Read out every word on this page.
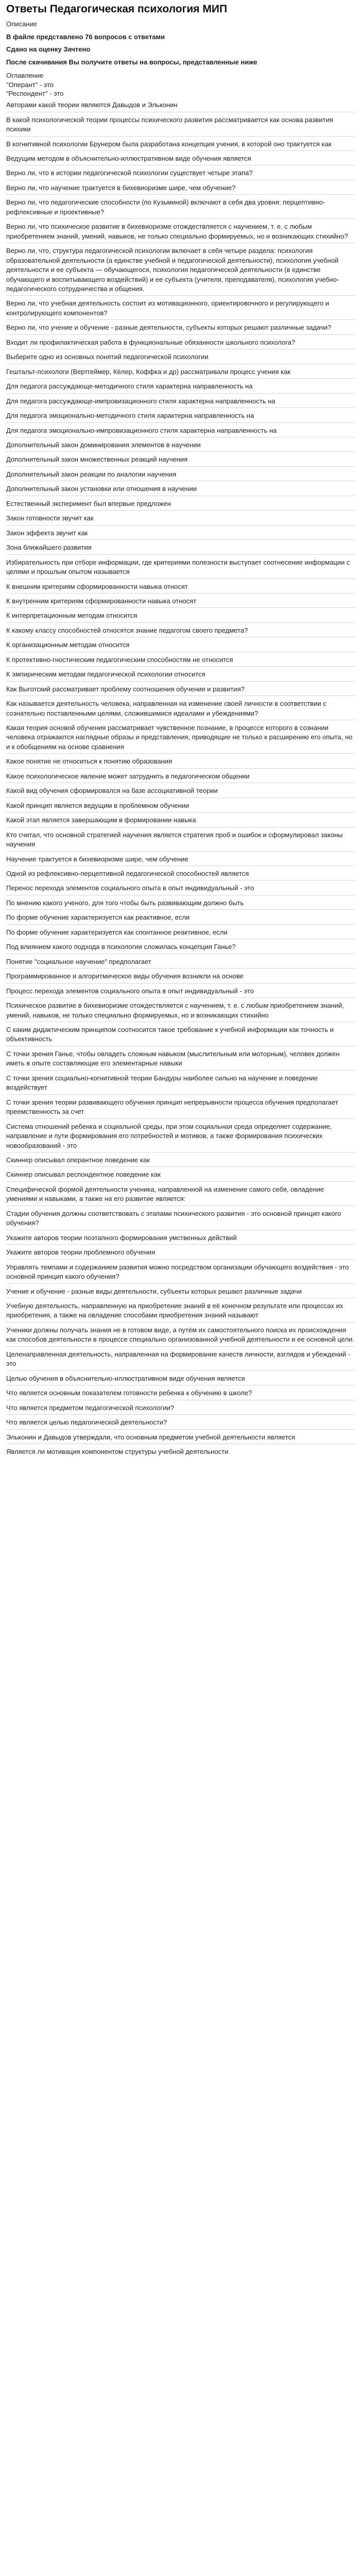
Ответы Педагогическая психология МИП
Описание
В файле представлено 76 вопросов с ответами
Сдано на оценку Зачтено
После скачивания Вы получите ответы на вопросы, представленные ниже
Оглавление
"Оперант" - это
"Респондент" - это
Авторами какой теории являются Давыдов и Эльконин
В какой психологической теории процессы психического развития рассматривается как основа развития психики
В когнитивной психологии Брунером была разработана концепция учения, в которой оно трактуется как
Ведущим методом в объяснительно-иллюстративном виде обучения является
Верно ли, что в истории педагогической психологии существует четыре этапа?
Верно ли, что научение трактуется в бихевиоризме шире, чем обучение?
Верно ли, что педагогические способности (по Кузьминой) включают в себя два уровня: перцептивно-рефлексивные и проективные?
Верно ли, что психическое развитие в бихевиоризме отождествляется с научением, т. е. с любым приобретением знаний, умений, навыков, не только специально формируемых, но и возникающих стихийно?
Верно ли, что, структура педагогической психологии включает в себя четыре раздела: психология образовательной деятельности (а единстве учебной и педагогической деятельности), психология учебной деятельности и ее субъекта — обучающегося, психология педагогической деятельности (в единстве обучающего и воспитывающего воздействий) и ее субъекта (учителя, преподавателя), психология учебно-педагогического сотрудничества и общения.
Верно ли, что учебная деятельность состоит из мотивационного, ориентировочного и регулирующего и контролирующего компонентов?
Верно ли, что учение и обучение - разные деятельности, субъекты которых решают различные задачи?
Входит ли профилактическая работа в функциональные обязанности школьного психолога?
Выберите одно из основных понятий педагогической психологии
Гештальт-психологи (Вертгеймер, Кёлер, Коффка и др) рассматривали процесс учения как
Для педагога рассуждающе-методичного стиля характерна направленность на
Для педагога рассуждающе-импровизационного стиля характерна направленность на
Для педагога эмоционально-методичного стиля характерна направленность на
Для педагога эмоционально-импровизационного стиля характерна направленность на
Дополнительный закон доминирования элементов в научении
Дополнительный закон множественных реакций научения
Дополнительный закон реакции по аналогии научения
Дополнительный закон установки или отношения в научении
Естественный эксперимент был впервые предложен
Закон готовности звучит как
Закон эффекта звучит как
Зона ближайшего развития
Избирательность при отборе информации, где критериями полезности выступает соотнесение информации с целями и прошлым опытом называется
К внешним критериям сформированности навыка относят
К внутренним критериям сформированности навыка относят
К интерпретационным методам относится
К какому классу способностей относятся знание педагогом своего предмета?
К организационным методам относится
К протективно-гностическим педагогическим способностям не относится
К эмпирическим методам педагогической психологии относится
Как Выготский рассматривает проблему соотношения обучения и развития?
Как называется деятельность человека, направленная на изменение своей личности в соответствии с сознательно поставленными целями, сложившимися идеалами и убеждениями?
Какая теория основой обучения рассматривает чувственное познание, в процессе которого в сознании человека отражаются наглядные образы и представления, приводящие не только к расширению его опыта, но и к обобщениям на основе сравнения
Какое понятие не относиться к понятию образования
Какое психологическое явление может затруднить в педагогическом общении
Какой вид обучения сформировался на базе ассоциативной теории
Какой принцип является ведущим в проблемном обучении
Какой этап является завершающим в формировании навыка
Кто считал, что основной стратегией научения является стратегия проб и ошибок и сформулировал законы научения
Научение трактуется в бихевиоризме шире, чем обучение
Одной из рефлексивно-перцептивной педагогической способностей является
Перенос перехода элементов социального опыта в опыт индивидуальный - это
По мнению какого ученого, для того чтобы быть развивающим должно быть
По форме обучение характеризуется как реактивное, если
По форме обучение характеризуется как спонтанное реактивное, если
Под влиянием какого подхода в психологии сложилась концепция Ганье?
Понятие "социальное научение" предполагает
Программированное и алгоритмическое виды обучения возникли на основе
Процесс перехода элементов социального опыта в опыт индивидуальный - это
Психическое развитие в бихевиоризме отождествляется с научением, т. е. с любым приобретением знаний, умений, навыков, не только специально формируемых, но и возникающих стихийно
С каким дидактическим принципом соотносится такое требование к учебной информации как точность и объективность
С точки зрения Ганье, чтобы овладеть сложным навыком (мыслительным или моторным), человек должен иметь в опыте составляющие его элементарные навыки
С точки зрения социально-когнитивной теории Бандуры наиболее сильно на научение и поведение воздействует
С точки зрения теории развивающего обучения принцип непрерывности процесса обучения предполагает преемственность за счет
Система отношений ребенка и социальной среды, при этом социальная среда определяет содержание, направление и пути формирования его потребностей и мотивов, а также формирования психических новообразований - это
Скиннер описывал оперантное поведение как
Скиннер описывал респондентное поведение как
Специфической формой деятельности ученика, направленной на изменение самого себя, овладение умениями и навыками, а также на его развитие является:
Стадии обучения должны соответствовать с этапами психического развития - это основной принцип какого обучения?
Укажите авторов теории поэтапного формирования умственных действий
Укажите авторов теории проблемного обучения
Управлять темпами и содержанием развития можно посредством организации обучающего воздействия - это основной принцип какого обучения?
Учение и обучение - разные виды деятельности, субъекты которых решают различные задачи
Учебную деятельность, направленную на приобретение знаний в её конечном результате или процессах их приобретения, а также на овладение способами приобретения знаний называют
Ученики должны получать знания не в готовом виде, а путём их самостоятельного поиска их происхождения как способов деятельности в процессе специально организованной учебной деятельности и ее основной цели.
Целенаправленная деятельность, направленная на формирование качеств личности, взглядов и убеждений - это
Целью обучения в объяснительно-иллюстративном виде обучения является
Что является основным показателем готовности ребенка к обучению в школе?
Что является предметом педагогической психологии?
Что является целью педагогической деятельности?
Эльконин и Давыдов утверждали, что основным предметом учебной деятельности является
Является ли мотивация компонентом структуры учебной деятельности
